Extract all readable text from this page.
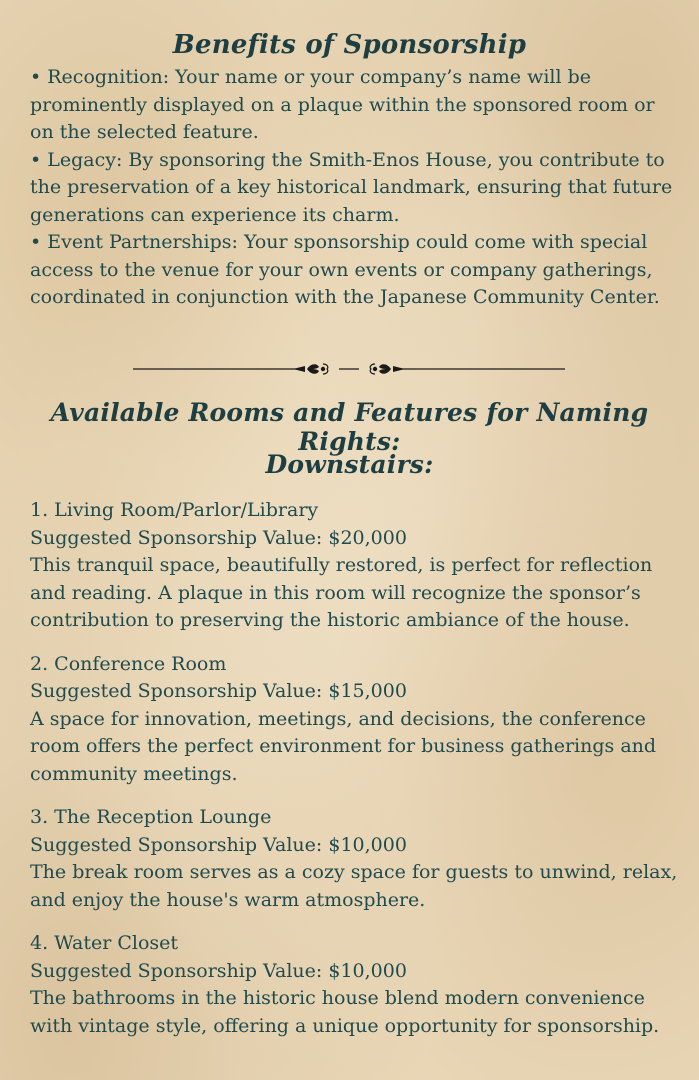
Benefits of Sponsorship

• Recognition: Your name or your company’s name will be prominently displayed on a plaque within the sponsored room or on the selected feature.

• Legacy: By sponsoring the Smith-Enos House, you contribute to the preservation of a key historical landmark, ensuring that future generations can experience its charm.

• Event Partnerships: Your sponsorship could come with special access to the venue for your own events or company gatherings, coordinated in conjunction with the Japanese Community Center.

Available Rooms and Features for Naming Rights:
Downstairs:

1. Living Room/Parlor/Library

Suggested Sponsorship Value: $20,000

This tranquil space, beautifully restored, is perfect for reflection and reading. A plaque in this room will recognize the sponsor’s contribution to preserving the historic ambiance of the house.

2. Conference Room

Suggested Sponsorship Value: $15,000

A space for innovation, meetings, and decisions, the conference room offers the perfect environment for business gatherings and community meetings.

3. The Reception Lounge

Suggested Sponsorship Value: $10,000

The break room serves as a cozy space for guests to unwind, relax, and enjoy the house's warm atmosphere.

4. Water Closet

Suggested Sponsorship Value: $10,000

The bathrooms in the historic house blend modern convenience with vintage style, offering a unique opportunity for sponsorship.
